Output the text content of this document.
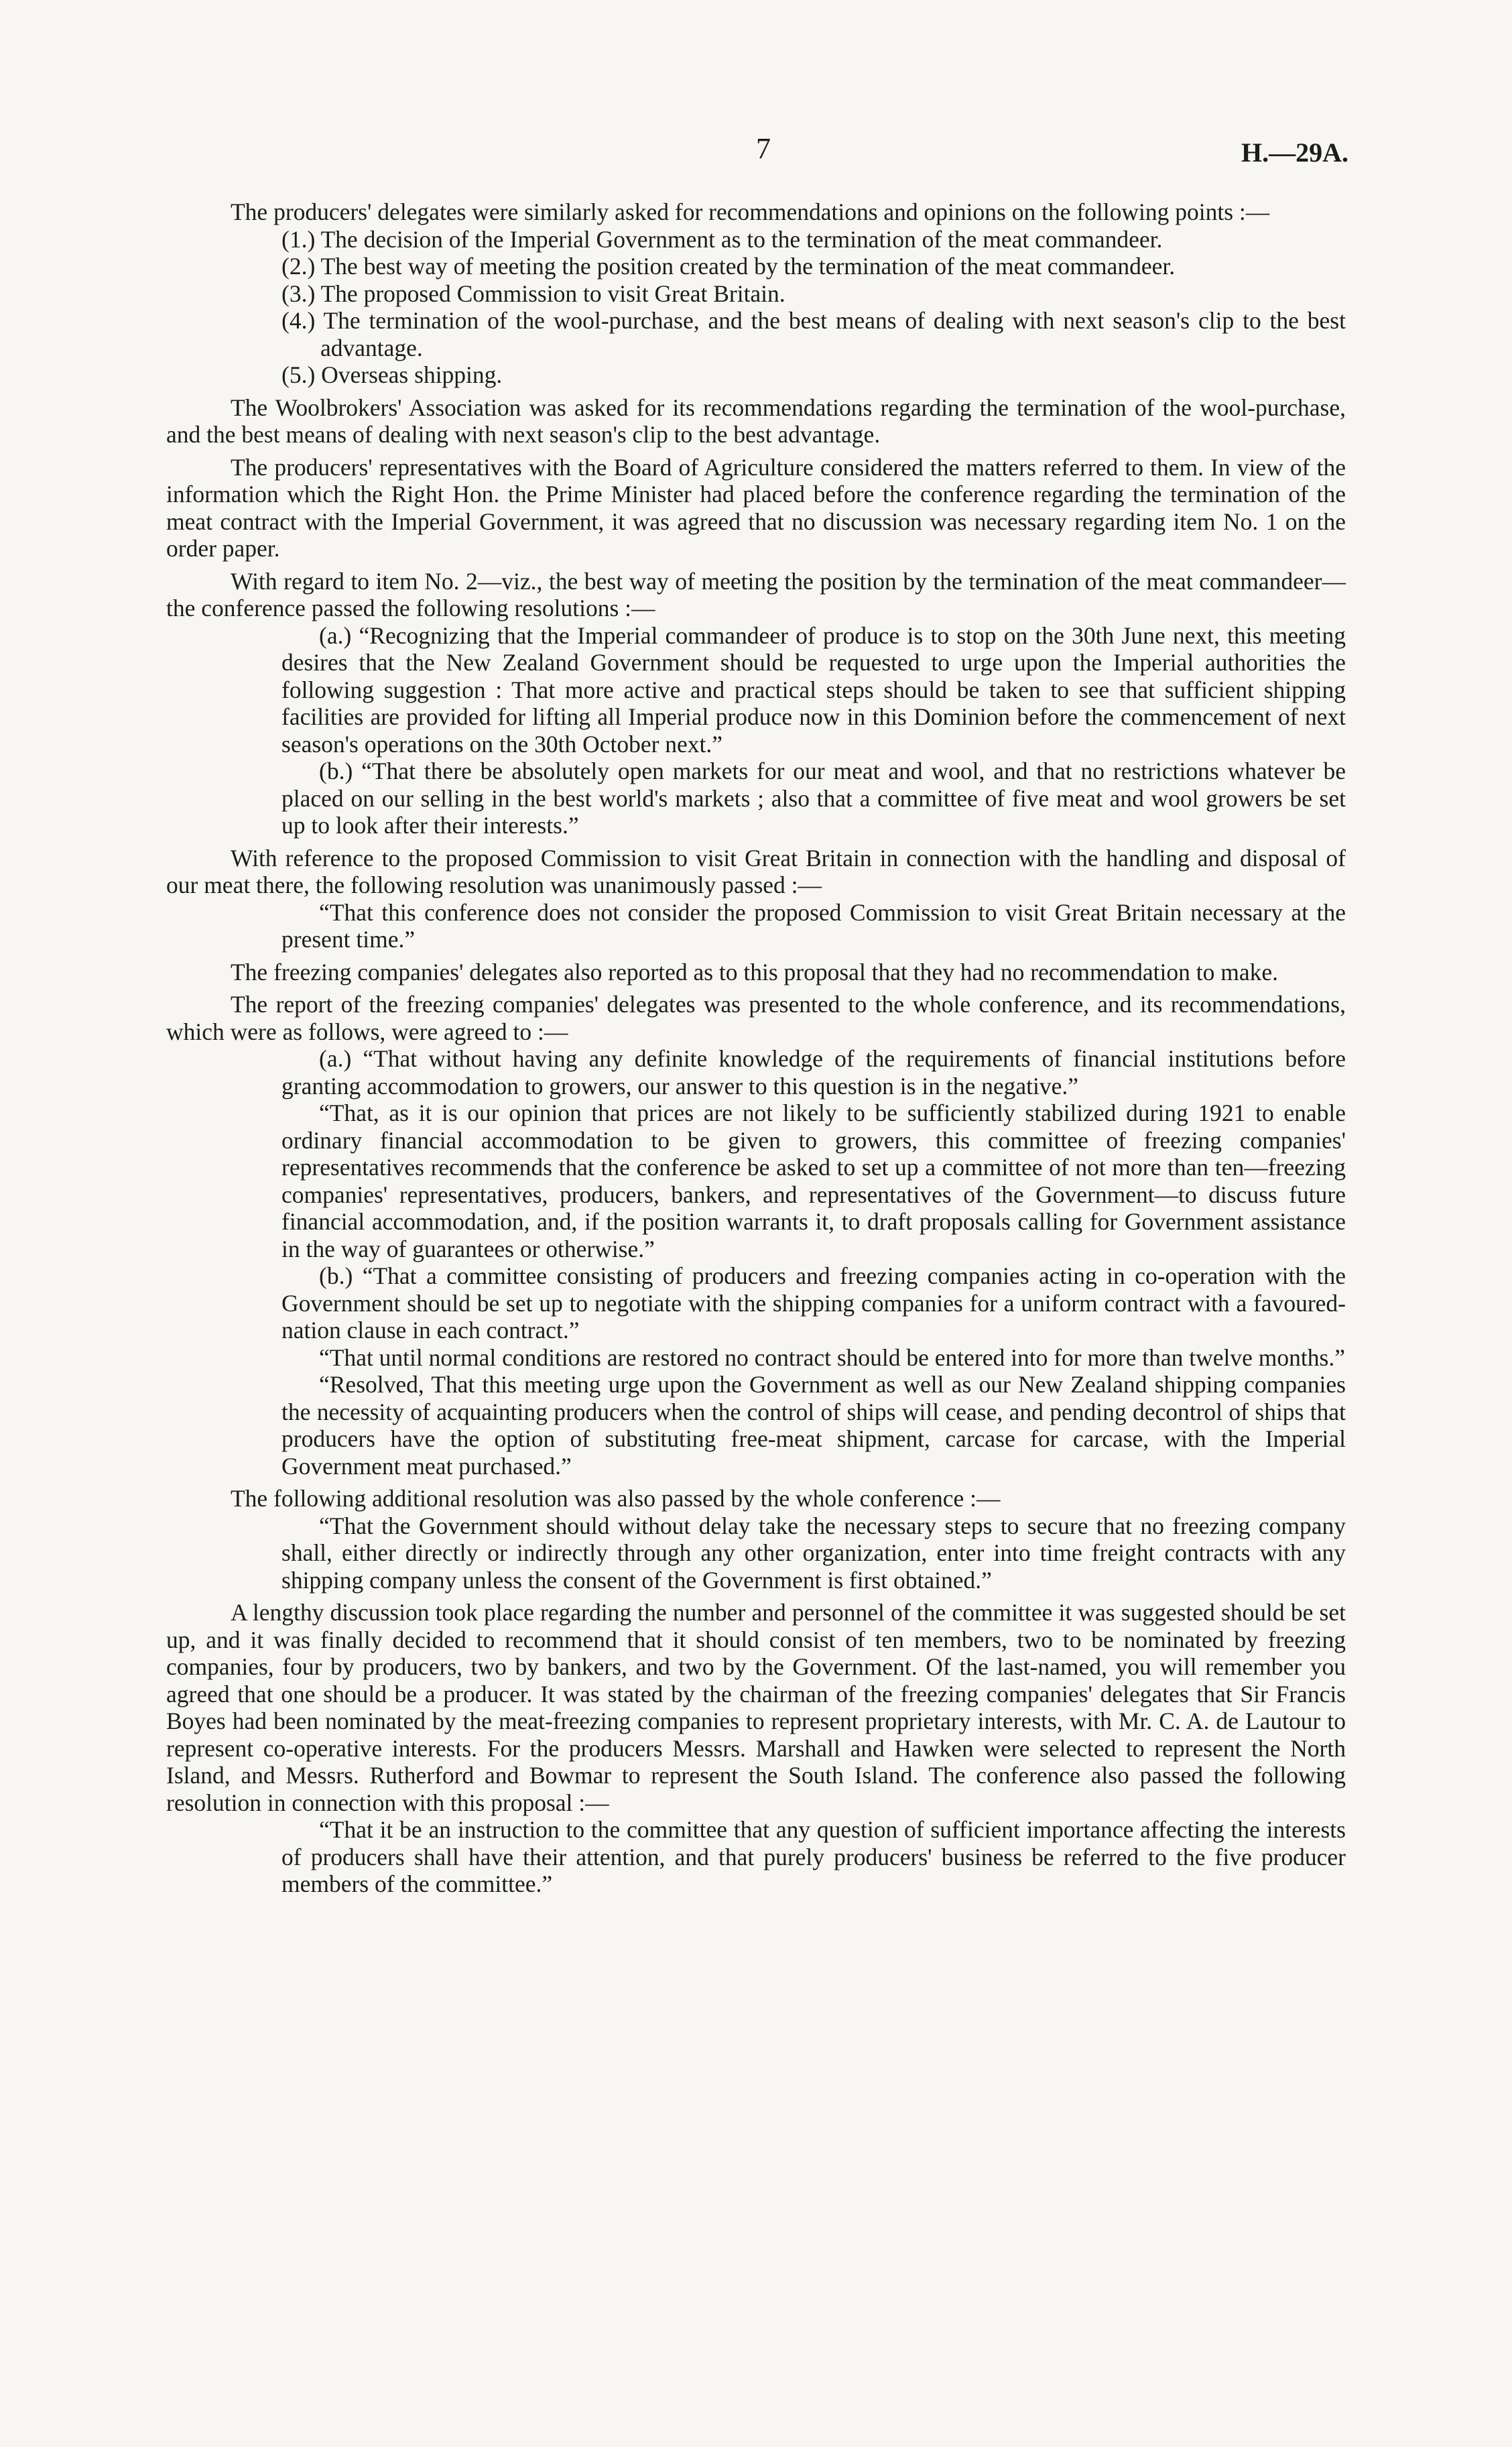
7	H.—29A.

The producers' delegates were similarly asked for recommendations and opinions on the following points :—

(1.) The decision of the Imperial Government as to the termination of the meat commandeer.

(2.) The best way of meeting the position created by the termination of the meat commandeer.

(3.) The proposed Commission to visit Great Britain.

(4.) The termination of the wool-purchase, and the best means of dealing with next season's clip to the best advantage.

(5.) Overseas shipping.

The Woolbrokers' Association was asked for its recommendations regarding the termination of the wool-purchase, and the best means of dealing with next season's clip to the best advantage.

The producers' representatives with the Board of Agriculture considered the matters referred to them. In view of the information which the Right Hon. the Prime Minister had placed before the conference regarding the termination of the meat contract with the Imperial Government, it was agreed that no discussion was necessary regarding item No. 1 on the order paper.

With regard to item No. 2—viz., the best way of meeting the position by the termination of the meat commandeer—the conference passed the following resolutions :—

(a.) “Recognizing that the Imperial commandeer of produce is to stop on the 30th June next, this meeting desires that the New Zealand Government should be requested to urge upon the Imperial authorities the following suggestion : That more active and practical steps should be taken to see that sufficient shipping facilities are provided for lifting all Imperial produce now in this Dominion before the commencement of next season's operations on the 30th October next.”

(b.) “That there be absolutely open markets for our meat and wool, and that no restrictions whatever be placed on our selling in the best world's markets ; also that a committee of five meat and wool growers be set up to look after their interests.”

With reference to the proposed Commission to visit Great Britain in connection with the handling and disposal of our meat there, the following resolution was unanimously passed :—

“That this conference does not consider the proposed Commission to visit Great Britain necessary at the present time.”

The freezing companies' delegates also reported as to this proposal that they had no recommendation to make.

The report of the freezing companies' delegates was presented to the whole conference, and its recommendations, which were as follows, were agreed to :—

(a.) “That without having any definite knowledge of the requirements of financial institutions before granting accommodation to growers, our answer to this question is in the negative.”

“That, as it is our opinion that prices are not likely to be sufficiently stabilized during 1921 to enable ordinary financial accommodation to be given to growers, this committee of freezing companies' representatives recommends that the conference be asked to set up a committee of not more than ten—freezing companies' representatives, producers, bankers, and representatives of the Government—to discuss future financial accommodation, and, if the position warrants it, to draft proposals calling for Government assistance in the way of guarantees or otherwise.”

(b.) “That a committee consisting of producers and freezing companies acting in co-operation with the Government should be set up to negotiate with the shipping companies for a uniform contract with a favoured-nation clause in each contract.”

“That until normal conditions are restored no contract should be entered into for more than twelve months.”

“Resolved, That this meeting urge upon the Government as well as our New Zealand shipping companies the necessity of acquainting producers when the control of ships will cease, and pending decontrol of ships that producers have the option of substituting free-meat shipment, carcase for carcase, with the Imperial Government meat purchased.”

The following additional resolution was also passed by the whole conference :—

“That the Government should without delay take the necessary steps to secure that no freezing company shall, either directly or indirectly through any other organization, enter into time freight contracts with any shipping company unless the consent of the Government is first obtained.”

A lengthy discussion took place regarding the number and personnel of the committee it was suggested should be set up, and it was finally decided to recommend that it should consist of ten members, two to be nominated by freezing companies, four by producers, two by bankers, and two by the Government. Of the last-named, you will remember you agreed that one should be a producer. It was stated by the chairman of the freezing companies' delegates that Sir Francis Boyes had been nominated by the meat-freezing companies to represent proprietary interests, with Mr. C. A. de Lautour to represent co-operative interests. For the producers Messrs. Marshall and Hawken were selected to represent the North Island, and Messrs. Rutherford and Bowmar to represent the South Island. The conference also passed the following resolution in connection with this proposal :—

“That it be an instruction to the committee that any question of sufficient importance affecting the interests of producers shall have their attention, and that purely producers' business be referred to the five producer members of the committee.”
